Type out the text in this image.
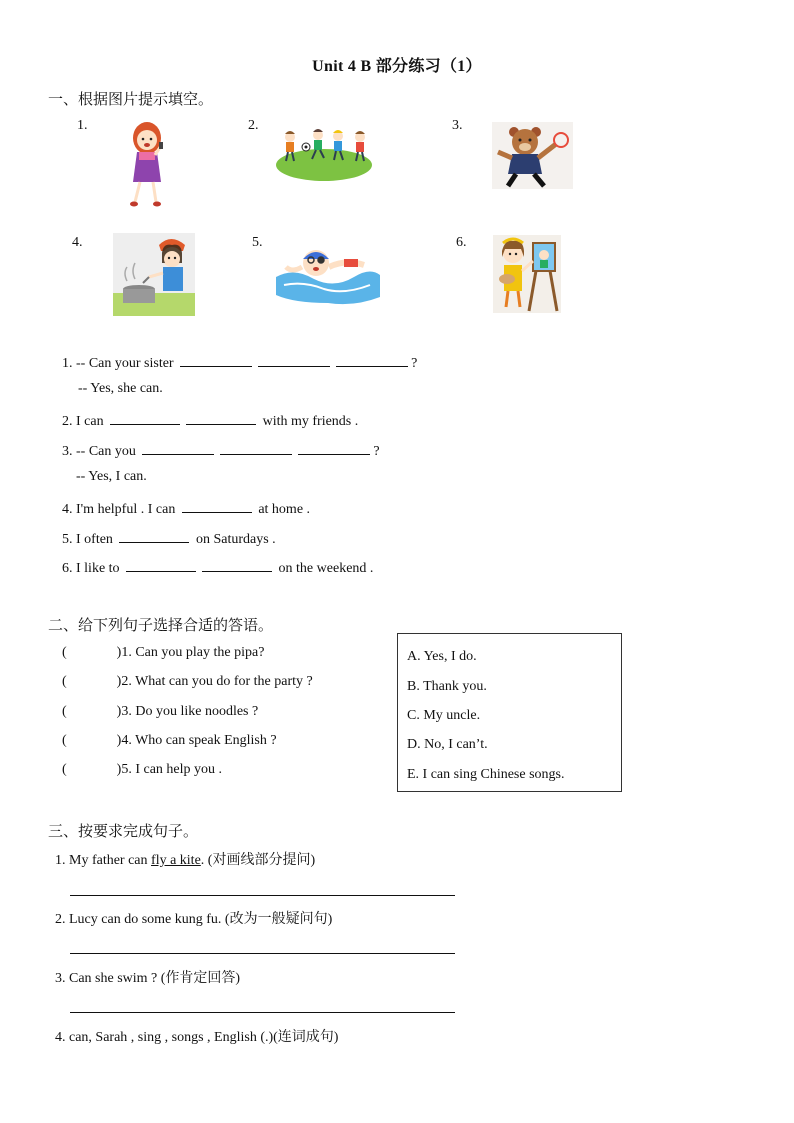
Unit 4 B 部分练习（1）
一、根据图片提示填空。
1.	2.	3.
4.	5.	6.
1. -- Can your sister	?
-- Yes, she can.
2. I can	with my friends .
3. -- Can you	?
-- Yes, I can.
4. I'm helpful . I can	at home .
5. I often	on Saturdays .
6. I like to	on the weekend .
二、给下列句子选择合适的答语。
(	)1. Can you play the pipa?
(	)2. What can you do for the party ?
(	)3. Do you like noodles ?
(	)4. Who can speak English ?
(	)5. I can help you .
A. Yes, I do.
B. Thank you.
C. My uncle.
D. No, I can’t.
E. I can sing Chinese songs.
三、按要求完成句子。
1. My father can fly a kite. (对画线部分提问)
2. Lucy can do some kung fu. (改为一般疑问句)
3. Can she swim ? (作肯定回答)
4. can, Sarah , sing , songs , English (.)(连词成句)
